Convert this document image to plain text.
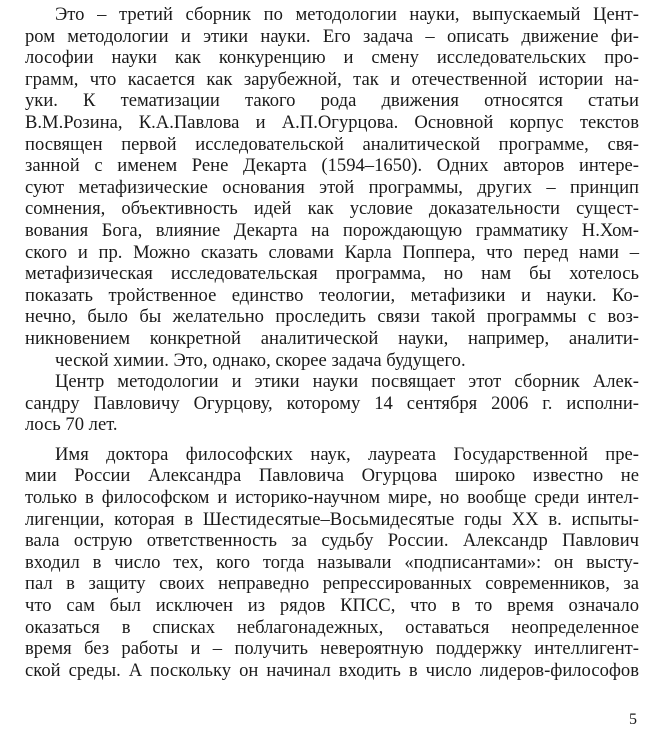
Это – третий сборник по методологии науки, выпускаемый Цент-
ром методологии и этики науки. Его задача – описать движение фи-
лософии науки как конкуренцию и смену исследовательских про-
грамм, что касается как зарубежной, так и отечественной истории на-
уки. К тематизации такого рода движения относятся статьи
В.М.Розина, К.А.Павлова и А.П.Огурцова. Основной корпус текстов
посвящен первой исследовательской аналитической программе, свя-
занной с именем Рене Декарта (1594–1650). Одних авторов интере-
суют метафизические основания этой программы, других – принцип
сомнения, объективность идей как условие доказательности сущест-
вования Бога, влияние Декарта на порождающую грамматику Н.Хом-
ского и пр. Можно сказать словами Карла Поппера, что перед нами –
метафизическая исследовательская программа, но нам бы хотелось
показать тройственное единство теологии, метафизики и науки. Ко-
нечно, было бы желательно проследить связи такой программы с воз-
никновением конкретной аналитической науки, например, аналити-
ческой химии. Это, однако, скорее задача будущего.

Центр методологии и этики науки посвящает этот сборник Алек-
сандру Павловичу Огурцову, которому 14 сентября 2006 г. исполни-
лось 70 лет.

Имя доктора философских наук, лауреата Государственной пре-
мии России Александра Павловича Огурцова широко известно не
только в философском и историко-научном мире, но вообще среди интел-
лигенции, которая в Шестидесятые–Восьмидесятые годы XX в. испыты-
вала острую ответственность за судьбу России. Александр Павлович
входил в число тех, кого тогда называли «подписантами»: он высту-
пал в защиту своих неправедно репрессированных современников, за
что сам был исключен из рядов КПСС, что в то время означало
оказаться в списках неблагонадежных, оставаться неопределенное
время без работы и – получить невероятную поддержку интеллигент-
ской среды. А поскольку он начинал входить в число лидеров-философов

5
